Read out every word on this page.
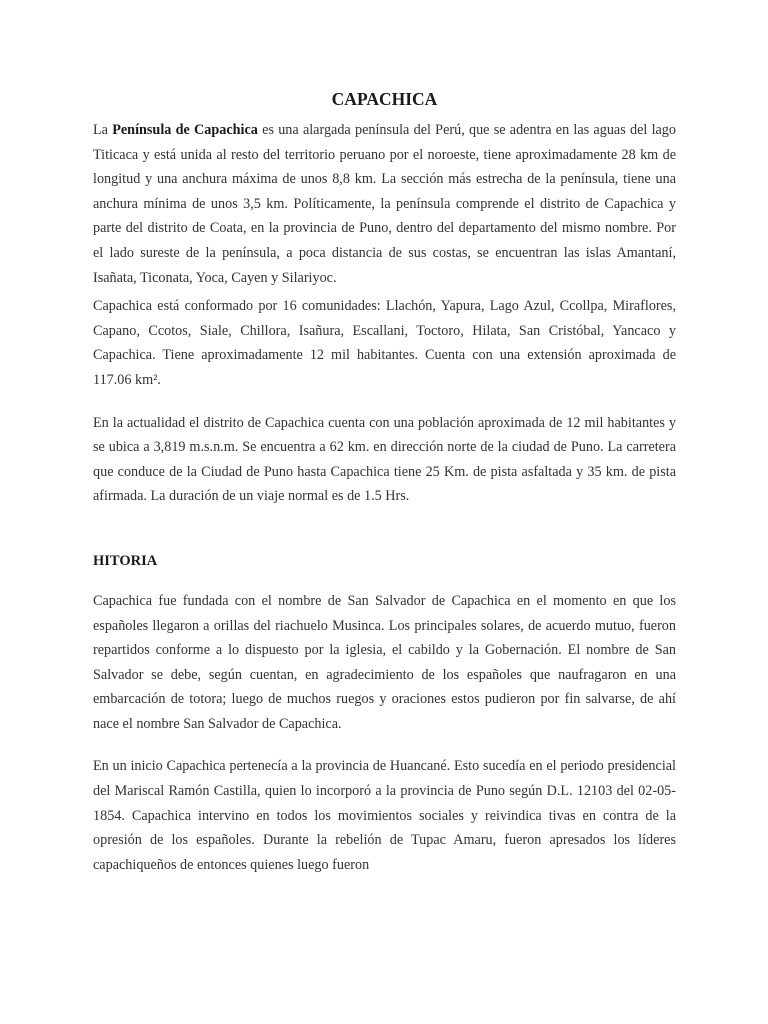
CAPACHICA

La Península de Capachica es una alargada península del Perú, que se adentra en las aguas del lago Titicaca y está unida al resto del territorio peruano por el noroeste, tiene aproximadamente 28 km de longitud y una anchura máxima de unos 8,8 km. La sección más estrecha de la península, tiene una anchura mínima de unos 3,5 km. Políticamente, la península comprende el distrito de Capachica y parte del distrito de Coata, en la provincia de Puno, dentro del departamento del mismo nombre. Por el lado sureste de la península, a poca distancia de sus costas, se encuentran las islas Amantaní, Isañata, Ticonata, Yoca, Cayen y Silariyoc.

Capachica está conformado por 16 comunidades: Llachón, Yapura, Lago Azul, Ccollpa, Miraflores, Capano, Ccotos, Siale, Chillora, Isañura, Escallani, Toctoro, Hilata, San Cristóbal, Yancaco y Capachica. Tiene aproximadamente 12 mil habitantes. Cuenta con una extensión aproximada de 117.06 km².

En la actualidad el distrito de Capachica cuenta con una población aproximada de 12 mil habitantes y se ubica a 3,819 m.s.n.m. Se encuentra a 62 km. en dirección norte de la ciudad de Puno. La carretera que conduce de la Ciudad de Puno hasta Capachica tiene 25 Km. de pista asfaltada y 35 km. de pista afirmada. La duración de un viaje normal es de 1.5 Hrs.

HITORIA

Capachica fue fundada con el nombre de San Salvador de Capachica en el momento en que los españoles llegaron a orillas del riachuelo Musinca. Los principales solares, de acuerdo mutuo, fueron repartidos conforme a lo dispuesto por la iglesia, el cabildo y la Gobernación. El nombre de San Salvador se debe, según cuentan, en agradecimiento de los españoles que naufragaron en una embarcación de totora; luego de muchos ruegos y oraciones estos pudieron por fin salvarse, de ahí nace el nombre San Salvador de Capachica.

En un inicio Capachica pertenecía a la provincia de Huancané. Esto sucedía en el periodo presidencial del Mariscal Ramón Castilla, quien lo incorporó a la provincia de Puno según D.L. 12103 del 02-05-1854. Capachica intervino en todos los movimientos sociales y reivindica tivas en contra de la opresión de los españoles. Durante la rebelión de Tupac Amaru, fueron apresados los líderes capachiqueños de entonces quienes luego fueron
